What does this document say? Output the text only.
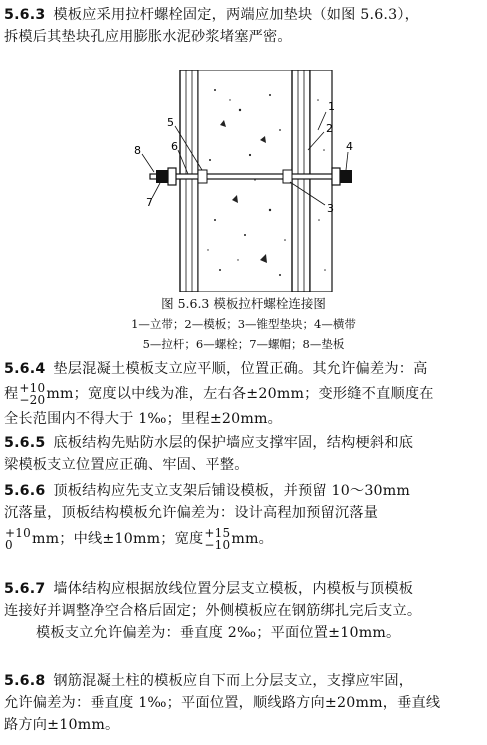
5.6.3 模板应采用拉杆螺栓固定，两端应加垫块（如图 5.6.3），
拆模后其垫块孔应用膨胀水泥砂浆堵塞严密。
1
2
3
4
5
6
7
8
图 5.6.3 模板拉杆螺栓连接图
1—立带；2—模板；3—锥型垫块；4—横带
5—拉杆；6—螺栓；7—螺帽；8—垫板
5.6.4 垫层混凝土模板支立应平顺，位置正确。其允许偏差为：高
程 +10
−20 mm；宽度以中线为准，左右各±20mm；变形缝不直顺度在
全长范围内不得大于 1‰；里程±20mm。
5.6.5 底板结构先贴防水层的保护墙应支撑牢固，结构梗斜和底
梁模板支立位置应正确、牢固、平整。
5.6.6 顶板结构应先支立支架后铺设模板，并预留 10～30mm
沉落量，顶板结构模板允许偏差为：设计高程加预留沉落量
+10
0	mm；中线±10mm；宽度 +15
−10 mm。
5.6.7 墙体结构应根据放线位置分层支立模板，内模板与顶模板
连接好并调整净空合格后固定；外侧模板应在钢筋绑扎完后支立。
模板支立允许偏差为：垂直度 2‰；平面位置±10mm。
5.6.8 钢筋混凝土柱的模板应自下而上分层支立，支撑应牢固，
允许偏差为：垂直度 1‰；平面位置，顺线路方向±20mm，垂直线
路方向±10mm。
